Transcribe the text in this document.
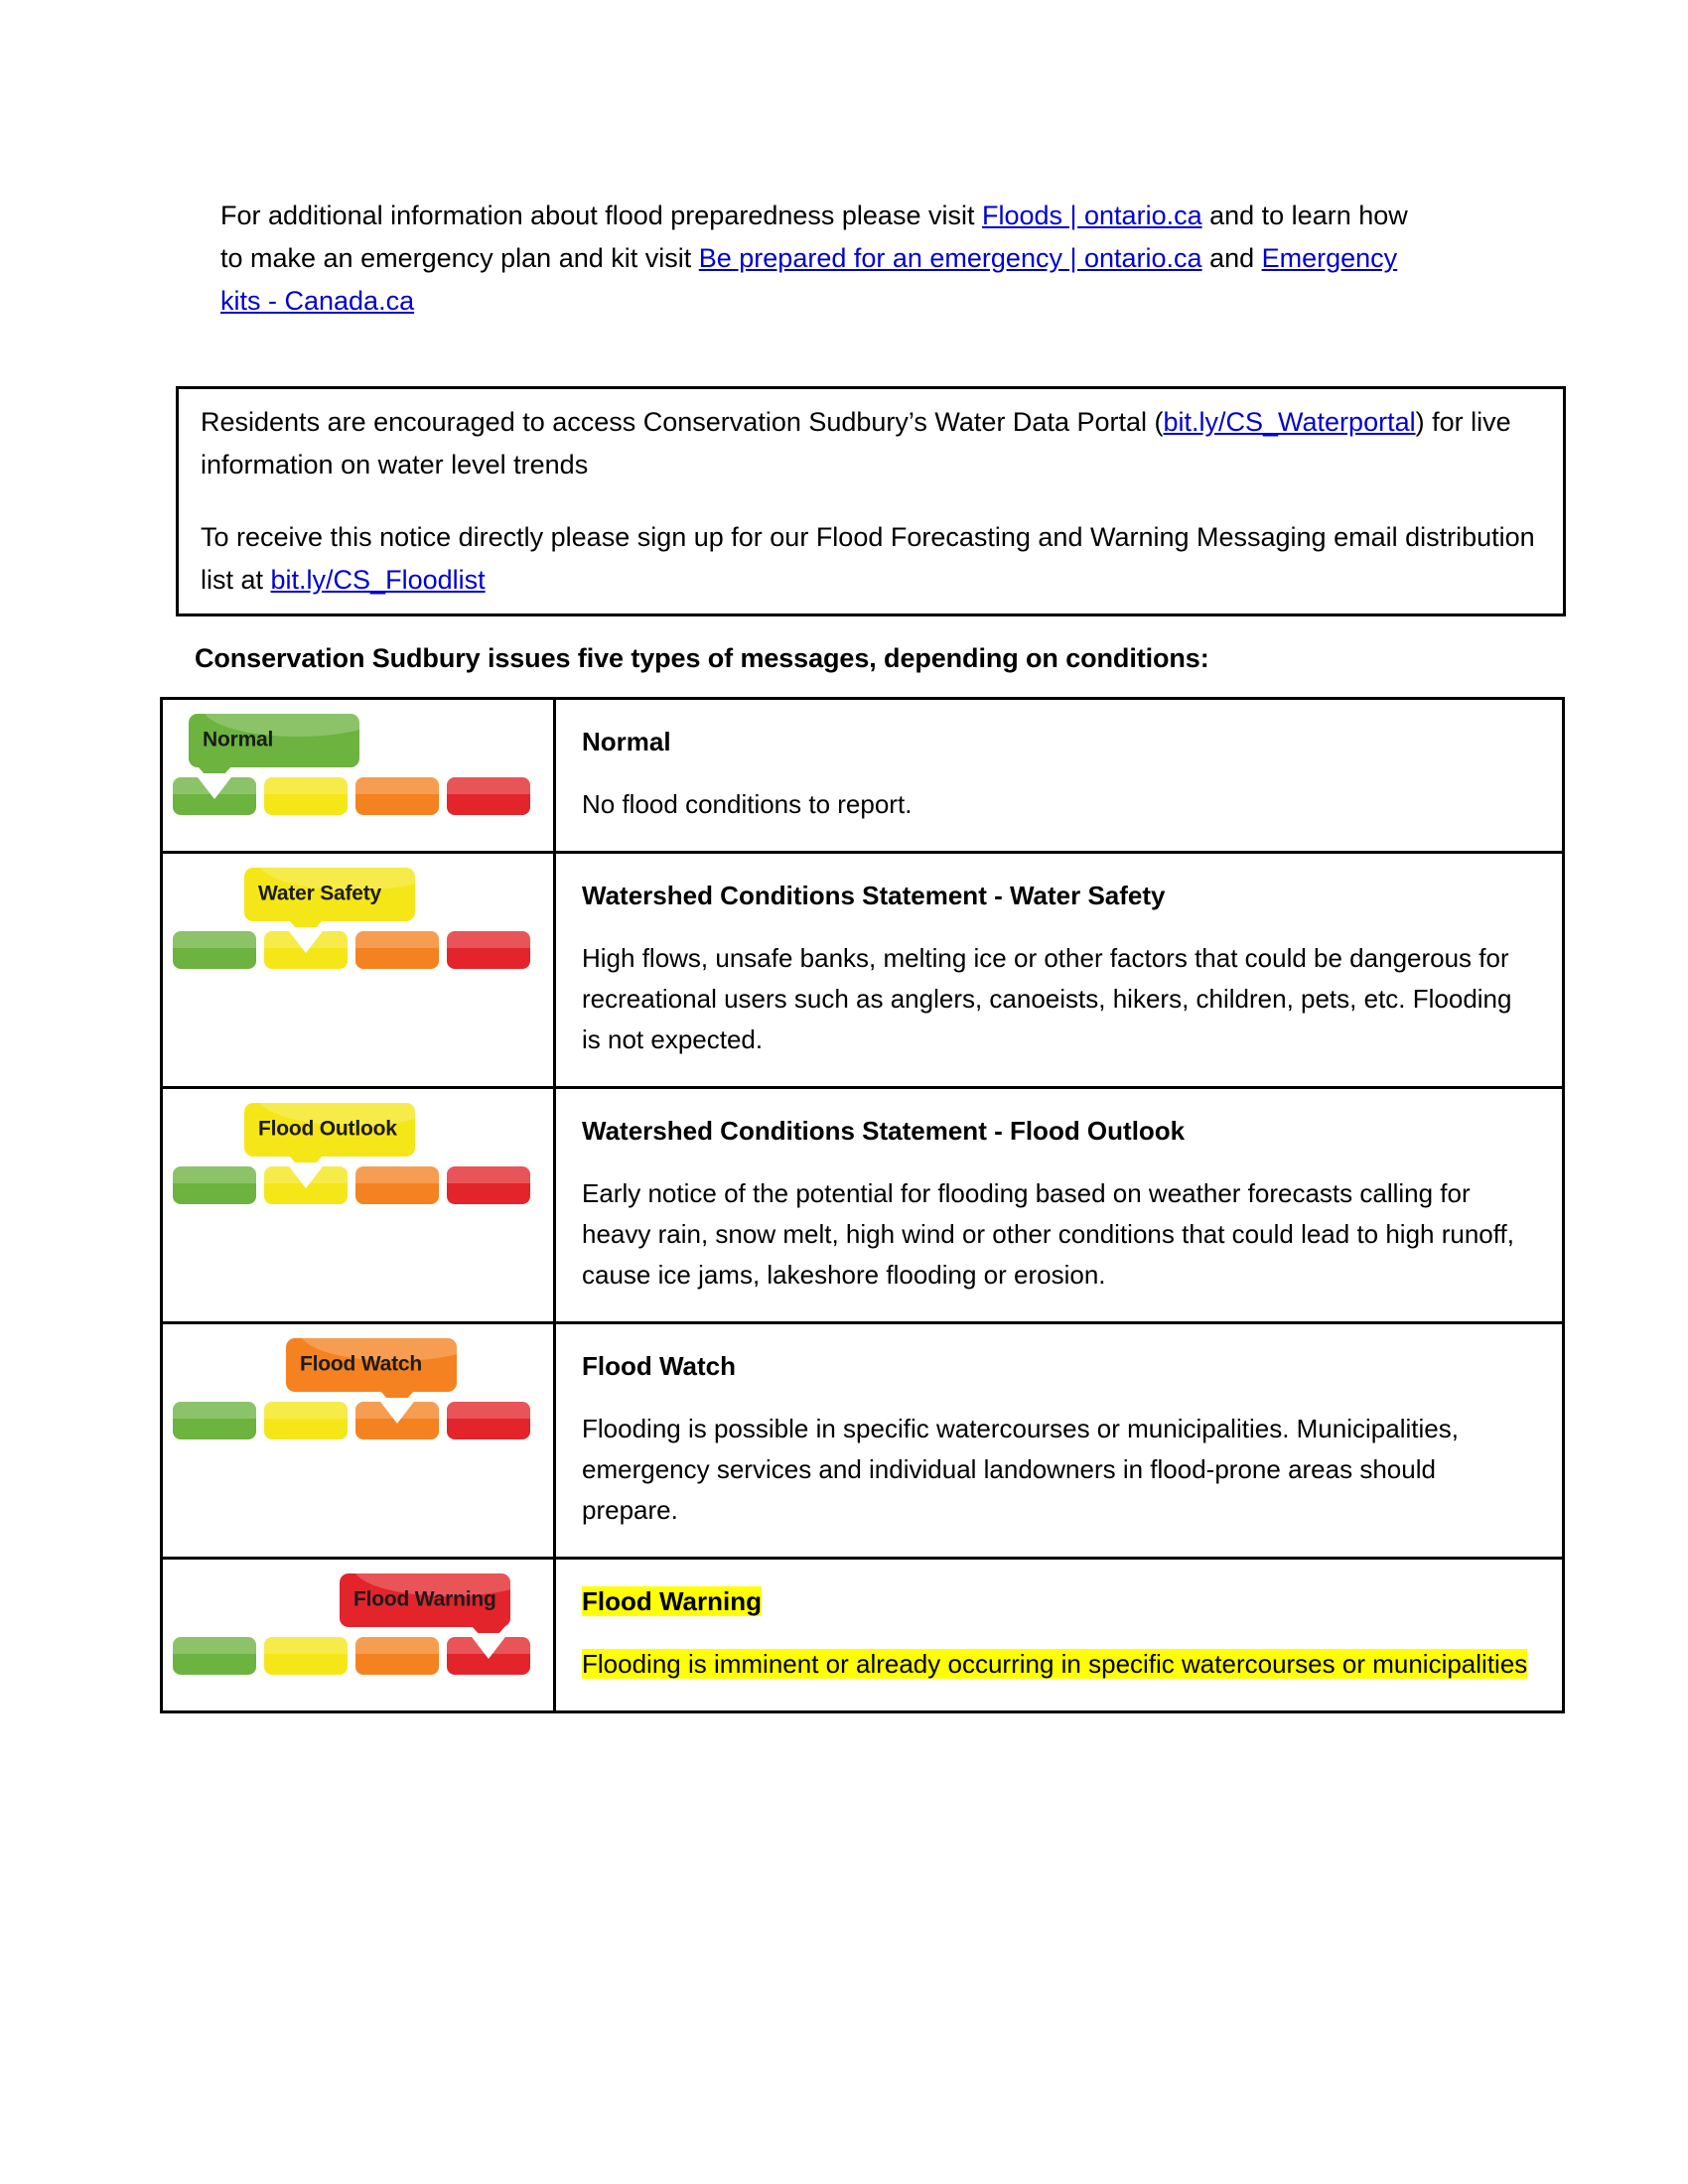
For additional information about flood preparedness please visit Floods | ontario.ca and to learn how to make an emergency plan and kit visit Be prepared for an emergency | ontario.ca and Emergency kits - Canada.ca

Residents are encouraged to access Conservation Sudbury’s Water Data Portal (bit.ly/CS_Waterportal) for live information on water level trends

To receive this notice directly please sign up for our Flood Forecasting and Warning Messaging email distribution list at bit.ly/CS_Floodlist

Conservation Sudbury issues five types of messages, depending on conditions:
Normal	Normal
No flood conditions to report.

Water Safety	Watershed Conditions Statement - Water Safety
High flows, unsafe banks, melting ice or other factors that could be dangerous for recreational users such as anglers, canoeists, hikers, children, pets, etc. Flooding is not expected.

Flood Outlook	Watershed Conditions Statement - Flood Outlook
Early notice of the potential for flooding based on weather forecasts calling for heavy rain, snow melt, high wind or other conditions that could lead to high runoff, cause ice jams, lakeshore flooding or erosion.

Flood Watch	Flood Watch
Flooding is possible in specific watercourses or municipalities. Municipalities, emergency services and individual landowners in flood-prone areas should prepare.

Flood Warning	Flood Warning
Flooding is imminent or already occurring in specific watercourses or municipalities
